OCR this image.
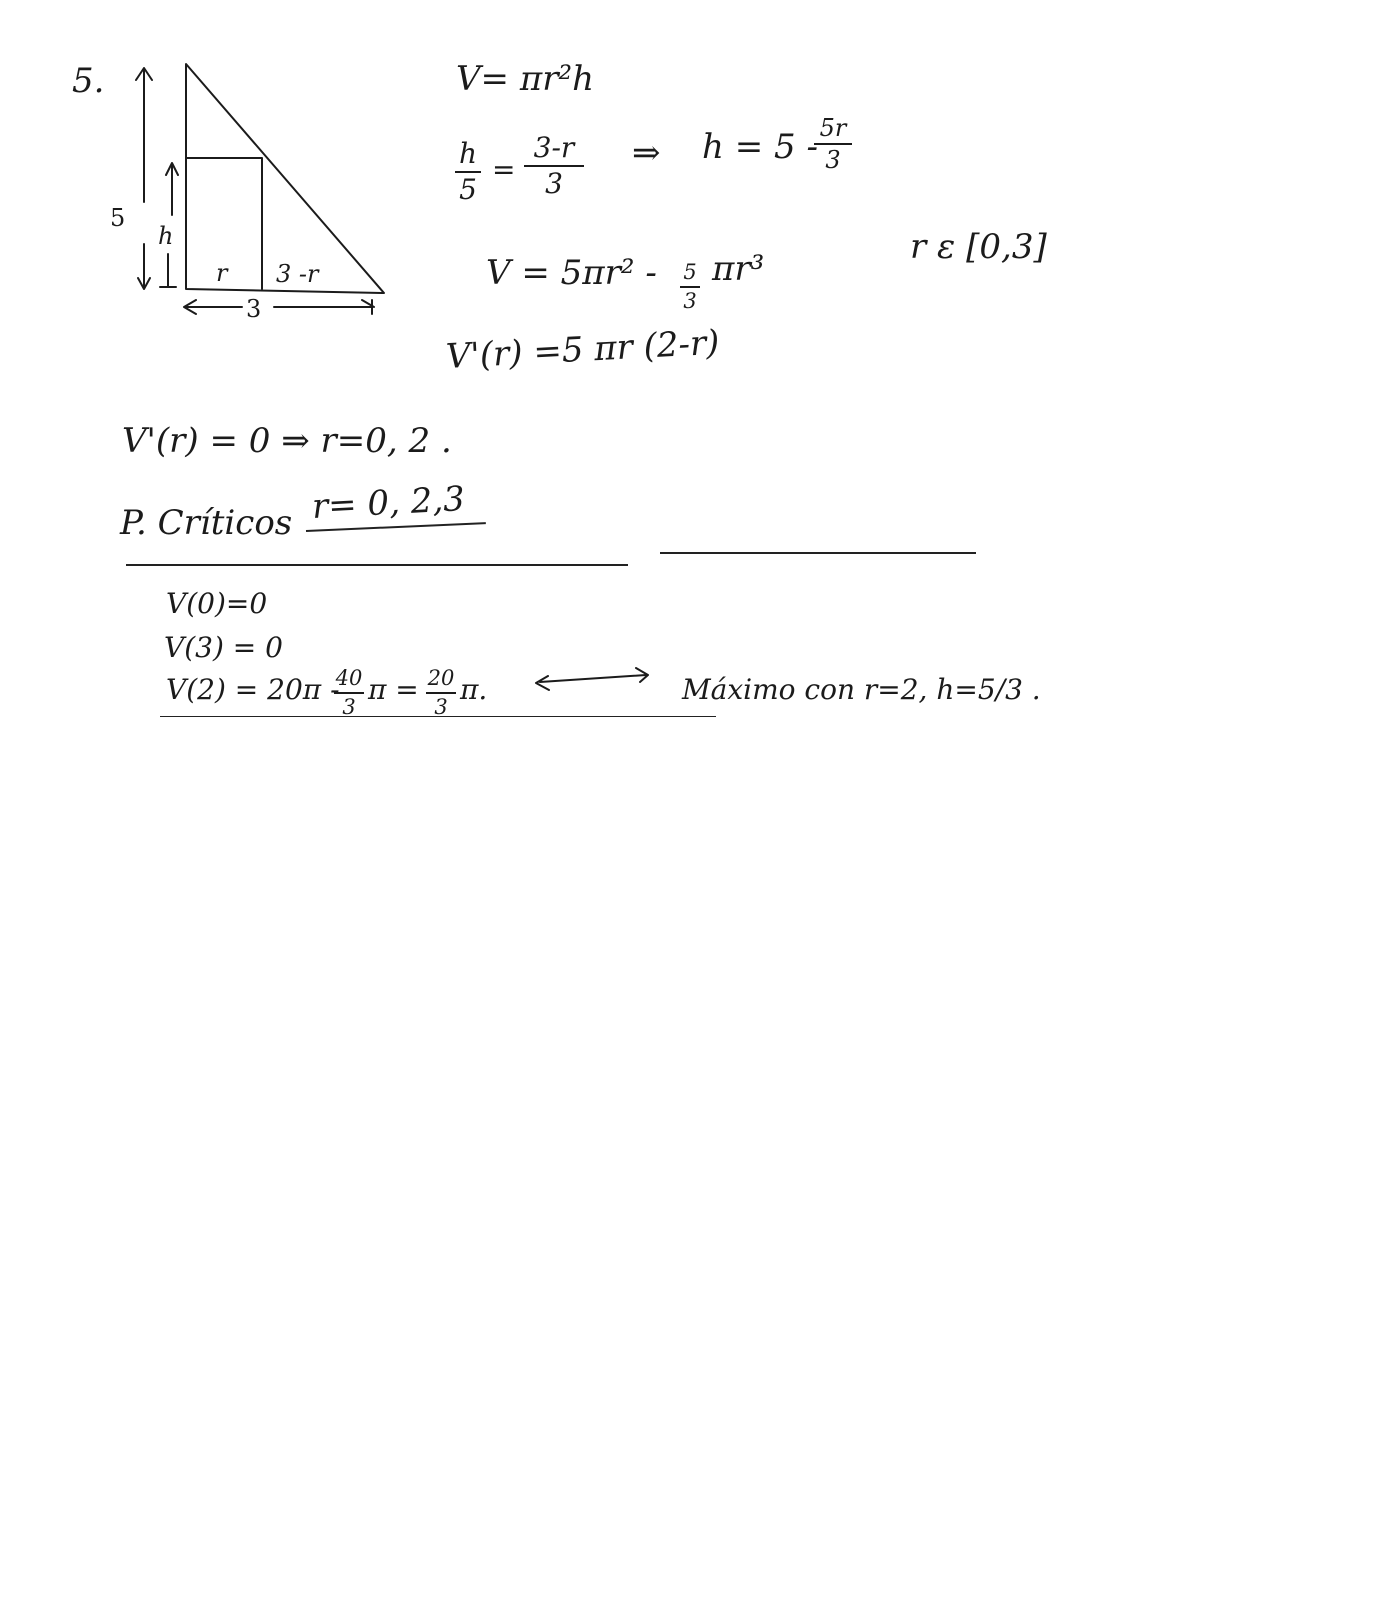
5.
5
h
r 3 -r
3
V= πr²h
h
5
=
3-r
3
⇒ h = 5 - 5r
3
V = 5πr² - 5
3
πr³
r ε [0,3]
V'(r) =5 πr (2-r)
V'(r) = 0 ⇒ r=0, 2 .
P. Críticos r= 0, 2,3
V(0)=0
V(3) = 0
V(2) = 20π -
40
3
π = 20
3
π.	Máximo con r=2, h=5/3 .
